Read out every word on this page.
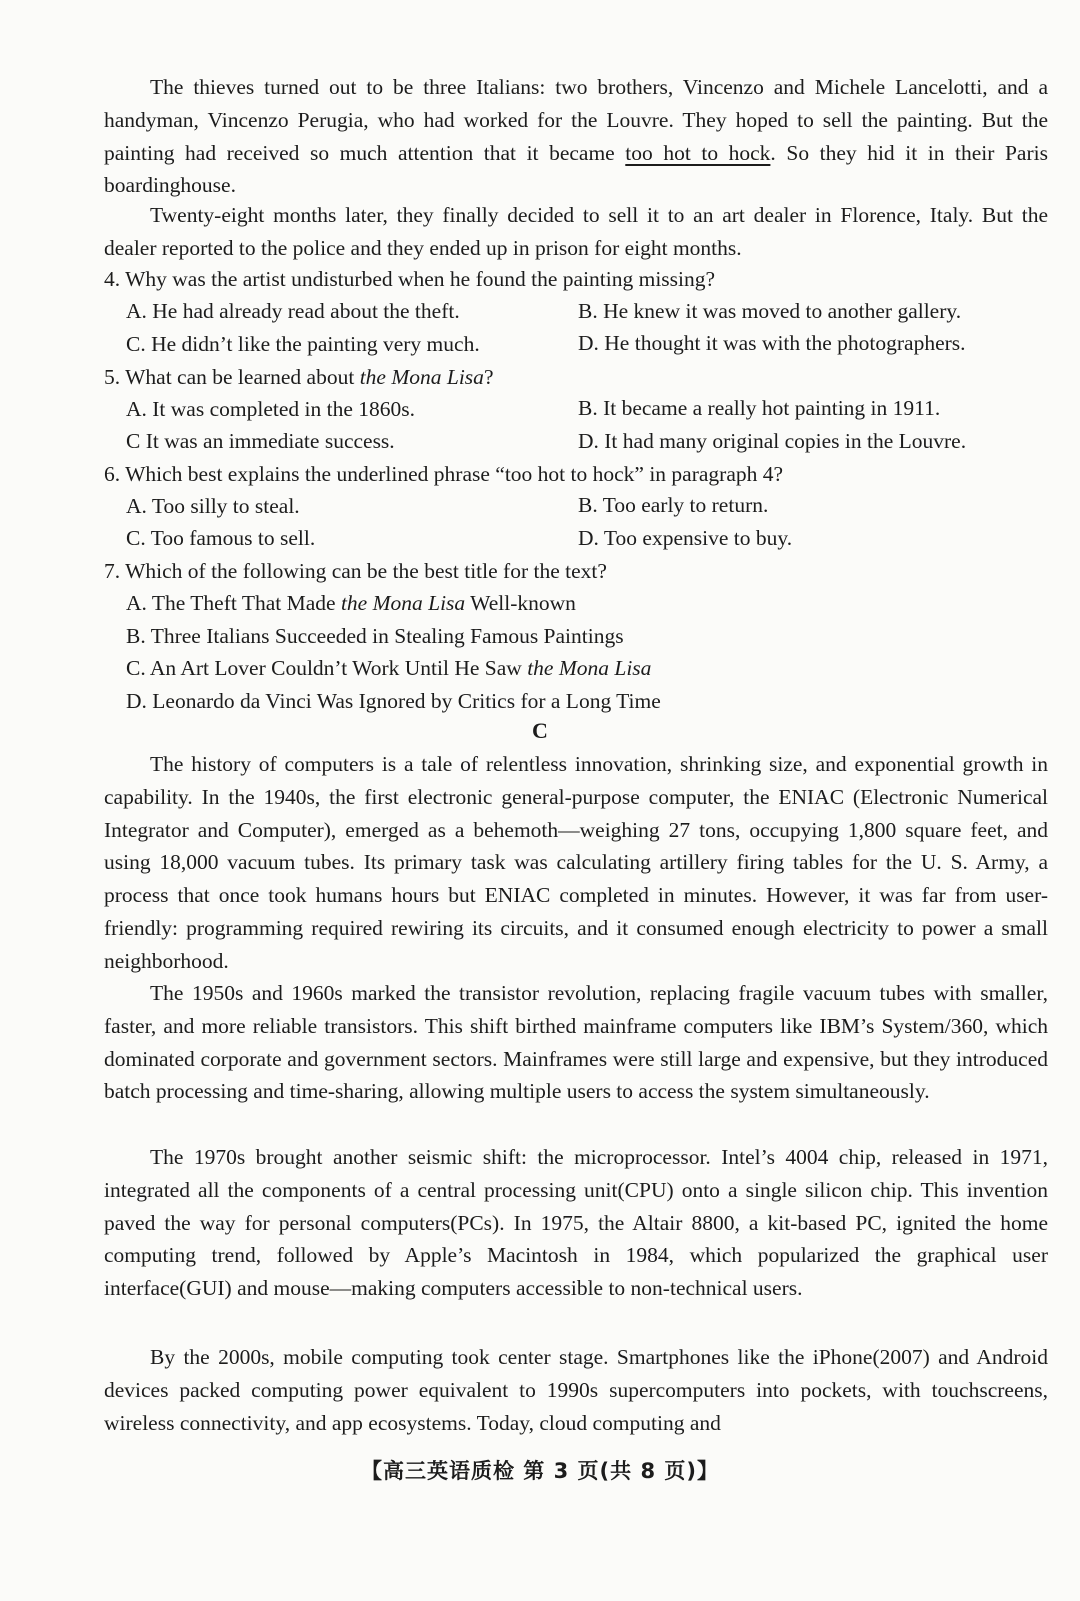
The thieves turned out to be three Italians: two brothers, Vincenzo and Michele Lancelotti, and a handyman, Vincenzo Perugia, who had worked for the Louvre. They hoped to sell the painting. But the painting had received so much attention that it became too hot to hock. So they hid it in their Paris boardinghouse.

Twenty-eight months later, they finally decided to sell it to an art dealer in Florence, Italy. But the dealer reported to the police and they ended up in prison for eight months.

4. Why was the artist undisturbed when he found the painting missing?

A. He had already read about the theft.	B. He knew it was moved to another gallery.
C. He didn’t like the painting very much.	D. He thought it was with the photographers.

5. What can be learned about the Mona Lisa?

A. It was completed in the 1860s.	B. It became a really hot painting in 1911.
C It was an immediate success.	D. It had many original copies in the Louvre.

6. Which best explains the underlined phrase “too hot to hock” in paragraph 4?

A. Too silly to steal.	B. Too early to return.
C. Too famous to sell.	D. Too expensive to buy.

7. Which of the following can be the best title for the text?

A. The Theft That Made the Mona Lisa Well-known
B. Three Italians Succeeded in Stealing Famous Paintings
C. An Art Lover Couldn’t Work Until He Saw the Mona Lisa
D. Leonardo da Vinci Was Ignored by Critics for a Long Time
C

The history of computers is a tale of relentless innovation, shrinking size, and exponential growth in capability. In the 1940s, the first electronic general-purpose computer, the ENIAC (Electronic Numerical Integrator and Computer), emerged as a behemoth—weighing 27 tons, occupying 1,800 square feet, and using 18,000 vacuum tubes. Its primary task was calculating artillery firing tables for the U. S. Army, a process that once took humans hours but ENIAC completed in minutes. However, it was far from user-friendly: programming required rewiring its circuits, and it consumed enough electricity to power a small neighborhood.

The 1950s and 1960s marked the transistor revolution, replacing fragile vacuum tubes with smaller, faster, and more reliable transistors. This shift birthed mainframe computers like IBM’s System/360, which dominated corporate and government sectors. Mainframes were still large and expensive, but they introduced batch processing and time-sharing, allowing multiple users to access the system simultaneously.

The 1970s brought another seismic shift: the microprocessor. Intel’s 4004 chip, released in 1971, integrated all the components of a central processing unit(CPU) onto a single silicon chip. This invention paved the way for personal computers(PCs). In 1975, the Altair 8800, a kit-based PC, ignited the home computing trend, followed by Apple’s Macintosh in 1984, which popularized the graphical user interface(GUI) and mouse—making computers accessible to non-technical users.

By the 2000s, mobile computing took center stage. Smartphones like the iPhone(2007) and Android devices packed computing power equivalent to 1990s supercomputers into pockets, with touchscreens, wireless connectivity, and app ecosystems. Today, cloud computing and

【高三英语质检 第 3 页(共 8 页)】
